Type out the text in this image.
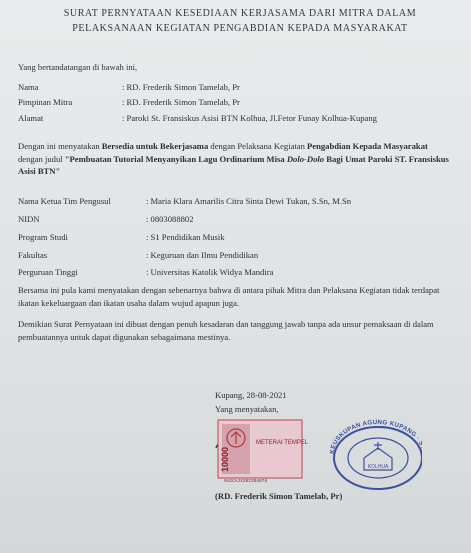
SURAT PERNYATAAN KESEDIAAN KERJASAMA DARI MITRA DALAM
PELAKSANAAN KEGIATAN PENGABDIAN KEPADA MASYARAKAT
Yang bertandatangan di bawah ini,
Nama	: RD. Frederik Simon Tamelab, Pr
Pimpinan Mitra	: RD. Frederik Simon Tamelab, Pr
Alamat	: Paroki St. Fransiskus Asisi BTN Kolhua, Jl.Fetor Funay Kolhua-Kupang
Dengan ini menyatakan Bersedia untuk Bekerjasama dengan Pelaksana Kegiatan Pengabdian Kepada Masyarakat dengan judul "Pembuatan Tutorial Menyanyikan Lagu Ordinarium Misa Dolo-Dolo Bagi Umat Paroki ST. Fransiskus Asisi BTN"
Nama Ketua Tim Pengusul	: Maria Klara Amarilis Citra Sinta Dewi Tukan, S.Sn, M.Sn
NIDN	: 0803088802
Program Studi	: S1 Pendidikan Musik
Fakultas	: Keguruan dan Ilmu Pendidikan
Perguruan Tinggi	: Universitas Katolik Widya Mandira
Bersama ini pula kami menyatakan dengan sebenarnya bahwa di antara pihak Mitra dan Pelaksana Kegiatan tidak terdapat ikatan kekeluargaan dan ikatan usaha dalam wujud apapun juga.
Demikian Surat Pernyataan ini dibuat dengan penuh kesadaran dan tanggung jawab tanpa ada unsur pemaksaan di dalam pembuatannya untuk dapat digunakan sebagaimana mestinya.
Kupang, 28-08-2021
Yang menyatakan,
10000
METERAI TEMPEL
9A2CAJX382304876
KEUSKUPAN AGUNG KUPANG ·
KOLHUA
(RD. Frederik Simon Tamelab, Pr)
